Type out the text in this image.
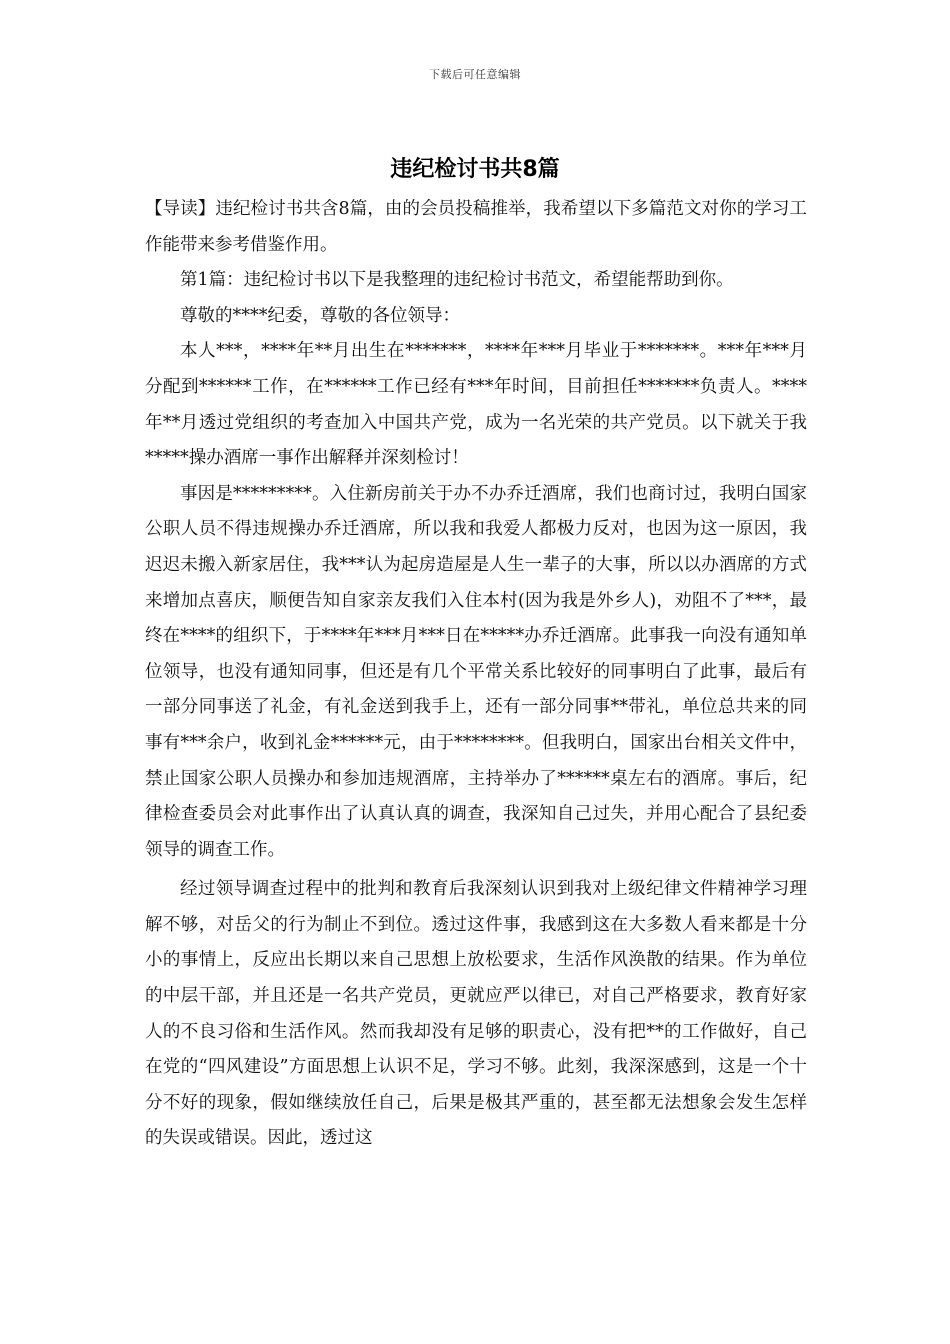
下载后可任意编辑
违纪检讨书共8篇

【导读】违纪检讨书共含8篇，由的会员投稿推举，我希望以下多篇范文对你的学习工作能带来参考借鉴作用。

第1篇：违纪检讨书以下是我整理的违纪检讨书范文，希望能帮助到你。

尊敬的****纪委，尊敬的各位领导：

本人***，****年**月出生在*******，****年***月毕业于*******。***年***月分配到******工作，在******工作已经有***年时间，目前担任*******负责人。****年**月透过党组织的考查加入中国共产党，成为一名光荣的共产党员。以下就关于我*****操办酒席一事作出解释并深刻检讨！

事因是*********。入住新房前关于办不办乔迁酒席，我们也商讨过，我明白国家公职人员不得违规操办乔迁酒席，所以我和我爱人都极力反对，也因为这一原因，我迟迟未搬入新家居住，我***认为起房造屋是人生一辈子的大事，所以以办酒席的方式来增加点喜庆，顺便告知自家亲友我们入住本村(因为我是外乡人)，劝阻不了***，最终在****的组织下，于****年***月***日在*****办乔迁酒席。此事我一向没有通知单位领导，也没有通知同事，但还是有几个平常关系比较好的同事明白了此事，最后有一部分同事送了礼金，有礼金送到我手上，还有一部分同事**带礼，单位总共来的同事有***余户，收到礼金******元，由于********。但我明白，国家出台相关文件中，禁止国家公职人员操办和参加违规酒席，主持举办了******桌左右的酒席。事后，纪律检查委员会对此事作出了认真认真的调查，我深知自己过失，并用心配合了县纪委领导的调查工作。

经过领导调查过程中的批判和教育后我深刻认识到我对上级纪律文件精神学习理解不够，对岳父的行为制止不到位。透过这件事，我感到这在大多数人看来都是十分小的事情上，反应出长期以来自己思想上放松要求，生活作风涣散的结果。作为单位的中层干部，并且还是一名共产党员，更就应严以律已，对自己严格要求，教育好家人的不良习俗和生活作风。然而我却没有足够的职责心，没有把**的工作做好，自己在党的“四风建设”方面思想上认识不足，学习不够。此刻，我深深感到，这是一个十分不好的现象，假如继续放任自己，后果是极其严重的，甚至都无法想象会发生怎样的失误或错误。因此，透过这
